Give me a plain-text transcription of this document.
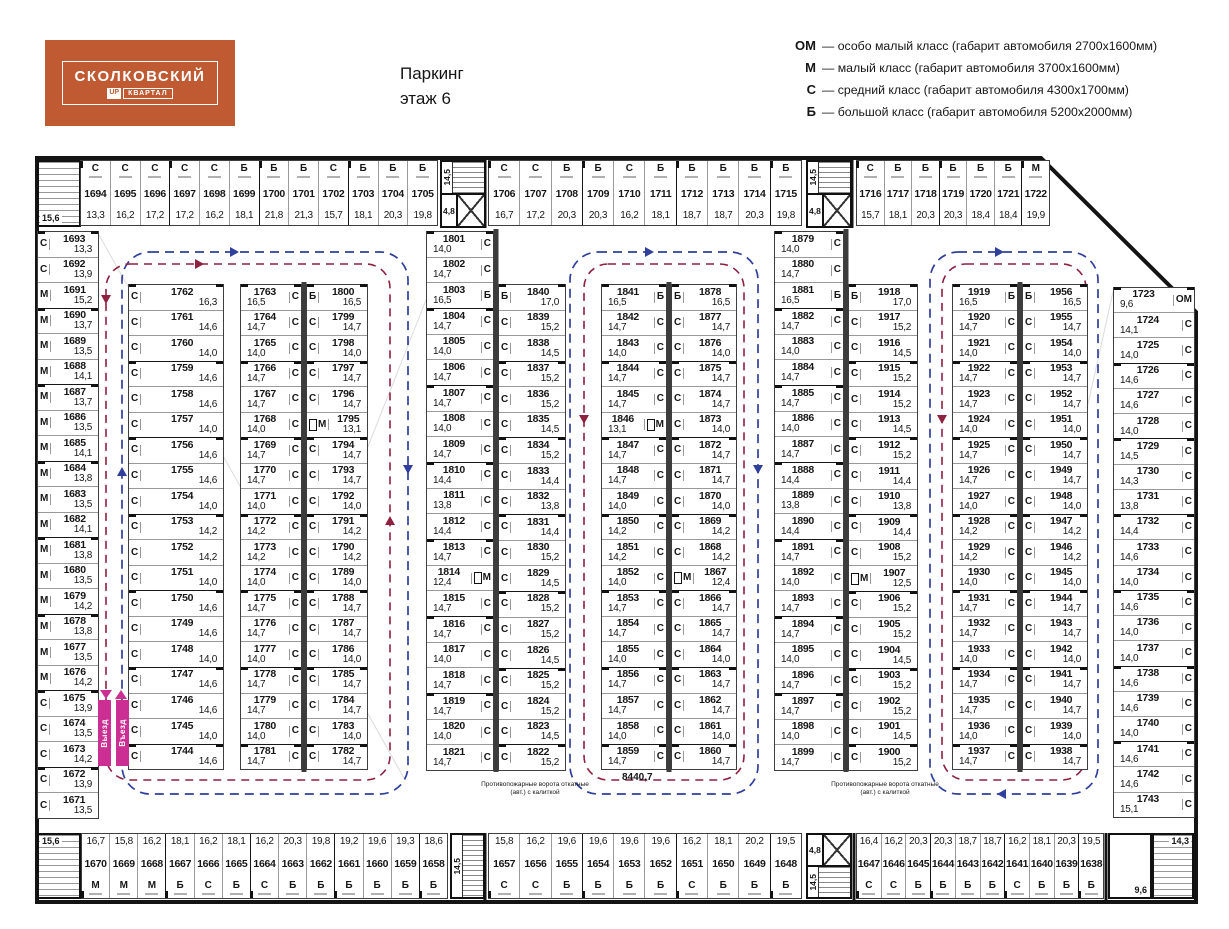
СКОЛКОВСКИЙ
UP	КВАРТАЛ
Паркинг
этаж 6
ОМ — особо малый класс (габарит автомобиля 2700х1600мм)
М — малый класс (габарит автомобиля 3700х1600мм)
С — средний класс (габарит автомобиля 4300х1700мм)
Б — большой класс (габарит автомобиля 5200х2000мм)
15,6
14,5
4,8
14,5
4,8
15,6
14,5
4,8
14,5	9,6
14,3
Выезд Въезд
Противопожарные ворота откатные (авт.) с калиткой
Противопожарные ворота откатные (авт.) с калиткой
8440,7
С
1694
13,3
С
1695
16,2
С
1696
17,2
С
1697
17,2
С
1698
16,2
Б
1699
18,1
Б
1700
21,8
Б
1701
21,3
С
1702
15,7
Б
1703
18,1
Б
1704
20,3
Б
1705
19,8
С
1706
16,7
С
1707
17,2
Б
1708
20,3
Б
1709
20,3
С
1710
16,2
Б
1711
18,1
Б
1712
18,7
Б
1713
18,7
Б
1714
20,3
Б
1715
19,8
С
1716
15,7
Б
1717
18,1
Б
1718
20,3
Б
1719
20,3
Б
1720
18,4
Б
1721
18,4
М
1722
19,9
16,7
1670
М
15,8
1669
М
16,2
1668
М
18,1
1667
Б
16,2
1666
С
18,1
1665
Б
16,2
1664
С
20,3
1663
Б
19,8
1662
Б
19,2
1661
Б
19,6
1660
Б
19,3
1659
Б
18,6
1658
Б
15,8
1657
С
16,2
1656
С
19,6
1655
Б
19,6
1654
Б
19,6
1653
Б
19,6
1652
Б
16,2
1651
С
18,1
1650
Б
20,2
1649
Б
19,5
1648
Б
16,4
1647
С
16,2
1646
С
20,3
1645
Б
20,3
1644
Б
18,7
1643
Б
18,7
1642
Б
16,2
1641
С
18,1
1640
Б
20,3
1639
Б
19,5
1638
Б
С 1693
13,3
С 1692
13,9
М 1691
15,2
М 1690
13,7
М 1689
13,5
М 1688
14,1
М 1687
13,7
М 1686
13,5
М 1685
14,1
М 1684
13,8
М 1683
13,5
М 1682
14,1
М 1681
13,8
М 1680
13,5
М 1679
14,2
М 1678
13,8
М 1677
13,5
М 1676
14,2
С 1675
13,9
С 1674
13,5
С 1673
14,2
С 1672
13,9
С 1671
13,5
С	1762
16,3
С	1761
14,6
С	1760
14,0
С	1759
14,6
С	1758
14,6
С	1757
14,0
С	1756
14,6
С	1755
14,6
С	1754
14,0
С	1753
14,2
С	1752
14,2
С	1751
14,0
С	1750
14,6
С	1749
14,6
С	1748
14,0
С	1747
14,6
С	1746
14,6
С	1745
14,0
С	1744
14,6
1763
16,5	С
1764
14,7	С
1765
14,0	С
1766
14,7	С
1767
14,7	С
1768
14,0	С
1769
14,7	С
1770
14,7	С
1771
14,0	С
1772
14,2	С
1773
14,2	С
1774
14,0	С
1775
14,7	С
1776
14,7	С
1777
14,0	С
1778
14,7	С
1779
14,7	С
1780
14,0	С
1781
14,7	С
Б 1800
16,5
С 1799
14,7
С 1798
14,0
С 1797
14,7
С 1796
14,7
М 1795
13,1
С 1794
14,7
С 1793
14,7
С 1792
14,0
С 1791
14,2
С 1790
14,2
С 1789
14,0
С 1788
14,7
С 1787
14,7
С 1786
14,0
С 1785
14,7
С 1784
14,7
С 1783
14,0
С 1782
14,7
1801
14,0	С
1802
14,7	С
1803
16,5	Б
1804
14,7	С
1805
14,0	С
1806
14,7	С
1807
14,7	С
1808
14,0	С
1809
14,7	С
1810
14,4	С
1811
13,8	С
1812
14,4	С
1813
14,7	С
1814
12,4	М
1815
14,7	С
1816
14,7	С
1817
14,0	С
1818
14,7	С
1819
14,7	С
1820
14,0	С
1821
14,7	С
Б 1840
17,0
С 1839
15,2
С 1838
14,5
С 1837
15,2
С 1836
15,2
С 1835
14,5
С 1834
15,2
С 1833
14,4
С 1832
13,8
С 1831
14,4
С 1830
15,2
С 1829
14,5
С 1828
15,2
С 1827
15,2
С 1826
14,5
С 1825
15,2
С 1824
15,2
С 1823
14,5
С 1822
15,2
1841
16,5	Б
1842
14,7	С
1843
14,0	С
1844
14,7	С
1845
14,7	С
1846
13,1	М
1847
14,7	С
1848
14,7	С
1849
14,0	С
1850
14,2	С
1851
14,2	С
1852
14,0	С
1853
14,7	С
1854
14,7	С
1855
14,0	С
1856
14,7	С
1857
14,7	С
1858
14,0	С
1859
14,7	С
Б 1878
16,5
С 1877
14,7
С 1876
14,0
С 1875
14,7
С 1874
14,7
С 1873
14,0
С 1872
14,7
С 1871
14,7
С 1870
14,0
С 1869
14,2
С 1868
14,2
М 1867
12,4
С 1866
14,7
С 1865
14,7
С 1864
14,0
С 1863
14,7
С 1862
14,7
С 1861
14,0
С 1860
14,7
1879
14,0	С
1880
14,7	С
1881
16,5	Б
1882
14,7	С
1883
14,0	С
1884
14,7	С
1885
14,7	С
1886
14,0	С
1887
14,7	С
1888
14,4	С
1889
13,8	С
1890
14,4	С
1891
14,7	С
1892
14,0	С
1893
14,7	С
1894
14,7	С
1895
14,0	С
1896
14,7	С
1897
14,7	С
1898
14,0	С
1899
14,7	С
Б 1918
17,0
С 1917
15,2
С 1916
14,5
С 1915
15,2
С 1914
15,2
С 1913
14,5
С 1912
15,2
С 1911
14,4
С 1910
13,8
С 1909
14,4
С 1908
15,2
М 1907
12,5
С 1906
15,2
С 1905
15,2
С 1904
14,5
С 1903
15,2
С 1902
15,2
С 1901
14,5
С 1900
15,2
1919
16,5	Б
1920
14,7	С
1921
14,0	С
1922
14,7	С
1923
14,7	С
1924
14,0	С
1925
14,7	С
1926
14,7	С
1927
14,0	С
1928
14,2	С
1929
14,2	С
1930
14,0	С
1931
14,7	С
1932
14,7	С
1933
14,0	С
1934
14,7	С
1935
14,7	С
1936
14,0	С
1937
14,7	С
Б 1956
16,5
С 1955
14,7
С 1954
14,0
С 1953
14,7
С 1952
14,7
С 1951
14,0
С 1950
14,7
С 1949
14,7
С 1948
14,0
С 1947
14,2
С 1946
14,2
С 1945
14,0
С 1944
14,7
С 1943
14,7
С 1942
14,0
С 1941
14,7
С 1940
14,7
С 1939
14,0
С 1938
14,7
1723
9,6	ОМ
1724
14,1	С
1725
14,0	С
1726
14,6	С
1727
14,6	С
1728
14,0	С
1729
14,5	С
1730
14,3	С
1731
13,8	С
1732
14,4	С
1733
14,6	С
1734
14,0	С
1735
14,6	С
1736
14,0	С
1737
14,0	С
1738
14,6	С
1739
14,6	С
1740
14,0	С
1741
14,6	С
1742
14,6	С
1743
15,1	С
